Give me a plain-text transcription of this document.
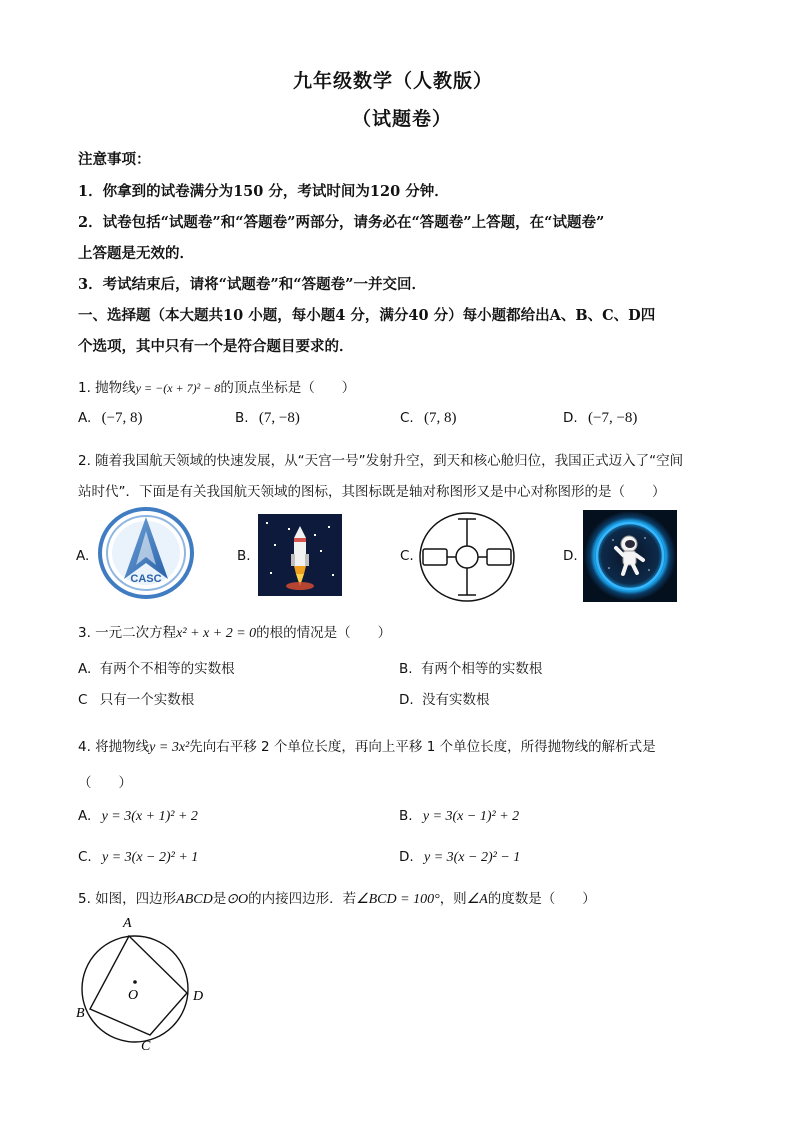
九年级数学（人教版）
（试题卷）
注意事项：
1．你拿到的试卷满分为150 分，考试时间为120 分钟．
2．试卷包括“试题卷”和“答题卷”两部分，请务必在“答题卷”上答题，在“试题卷”
上答题是无效的．
3．考试结束后，请将“试题卷”和“答题卷”一并交回．
一、选择题（本大题共10 小题，每小题4 分，满分40 分）每小题都给出A、B、C、D四
个选项，其中只有一个是符合题目要求的．
1. 抛物线y = −(x + 7)² − 8的顶点坐标是（　　）
A. (−7, 8)	B. (7, −8)	C. (7, 8)	D. (−7, −8)
2. 随着我国航天领域的快速发展，从“天宫一号”发射升空，到天和核心舱归位，我国正式迈入了“空间
站时代”．下面是有关我国航天领域的图标，其图标既是轴对称图形又是中心对称图形的是（　　）
A.
CASC
B.	C.	D.
3. 一元二次方程x² + x + 2 = 0的根的情况是（　　）
A. 有两个不相等的实数根	B. 有两个相等的实数根
C 只有一个实数根	D. 没有实数根
4. 将抛物线y = 3x²先向右平移 2 个单位长度，再向上平移 1 个单位长度，所得抛物线的解析式是
（　　）
A. y = 3(x + 1)² + 2	B. y = 3(x − 1)² + 2
C. y = 3(x − 2)² + 1	D. y = 3(x − 2)² − 1
5. 如图，四边形ABCD是⊙O的内接四边形．若∠BCD = 100°，则∠A的度数是（　　）
A
B
C
D
O
